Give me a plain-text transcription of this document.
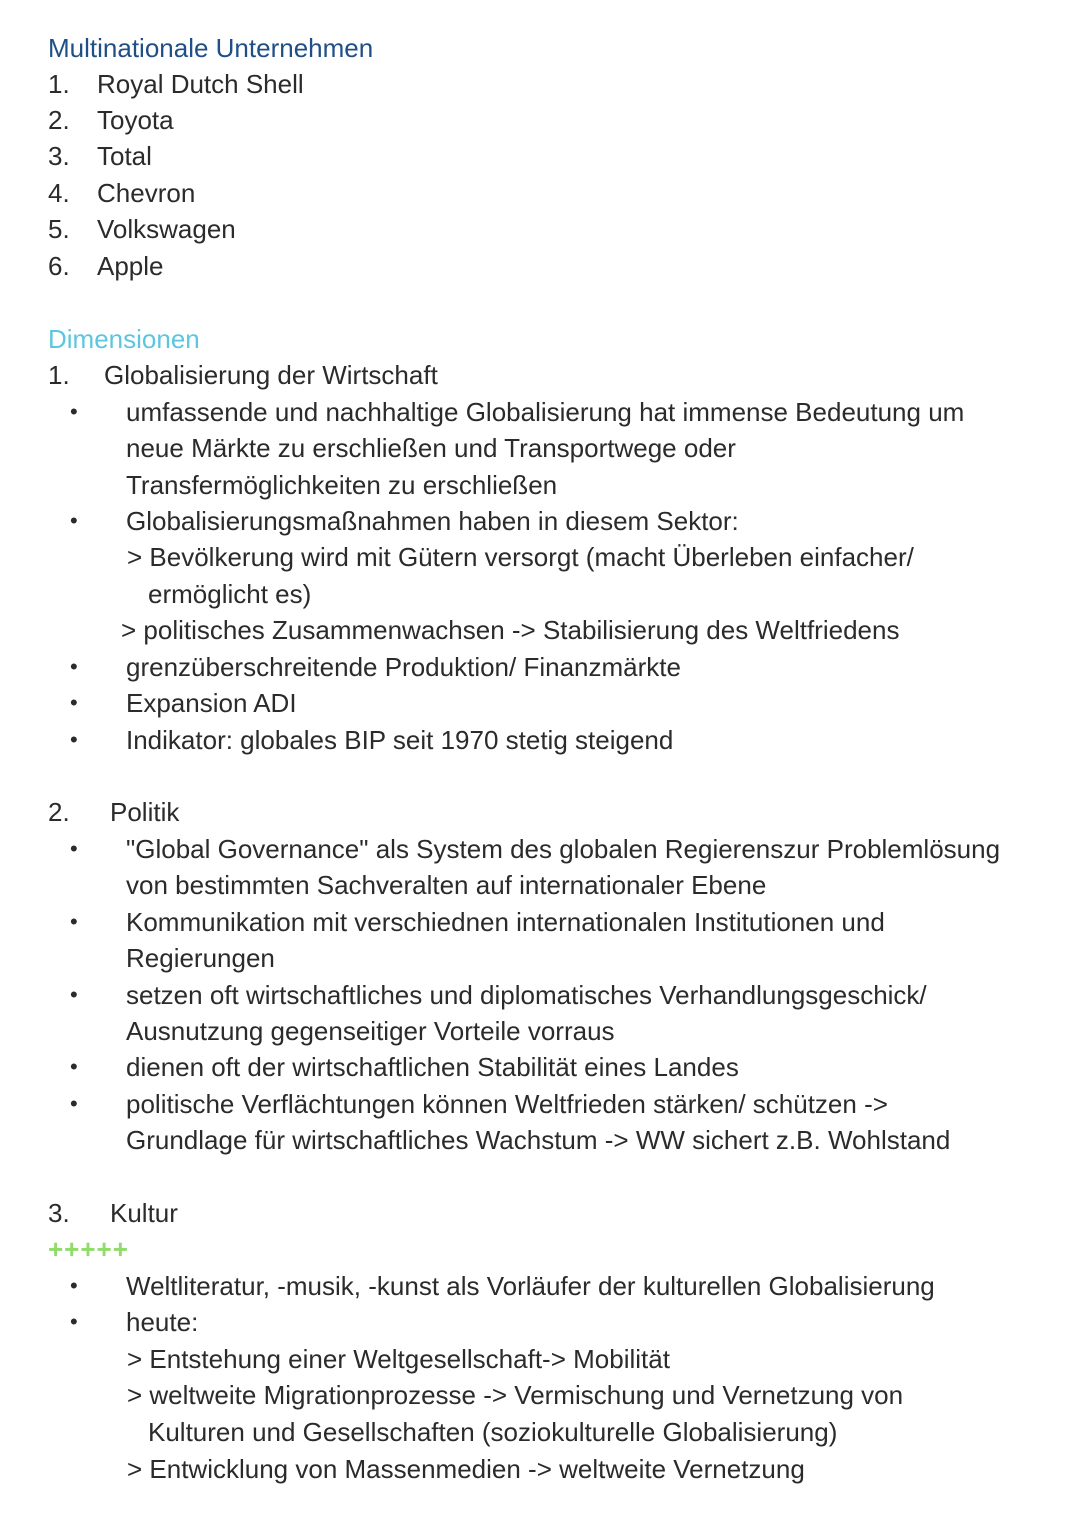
Multinationale Unternehmen
1. Royal Dutch Shell
2. Toyota
3. Total
4. Chevron
5. Volkswagen
6. Apple
Dimensionen
1. Globalisierung der Wirtschaft
• umfassende und nachhaltige Globalisierung hat immense Bedeutung um
neue Märkte zu erschließen und Transportwege oder
Transfermöglichkeiten zu erschließen
• Globalisierungsmaßnahmen haben in diesem Sektor:
> Bevölkerung wird mit Gütern versorgt (macht Überleben einfacher/
ermöglicht es)
> politisches Zusammenwachsen -> Stabilisierung des Weltfriedens
• grenzüberschreitende Produktion/ Finanzmärkte
• Expansion ADI
• Indikator: globales BIP seit 1970 stetig steigend
2. Politik
• "Global Governance" als System des globalen Regierenszur Problemlösung
von bestimmten Sachveralten auf internationaler Ebene
• Kommunikation mit verschiednen internationalen Institutionen und
Regierungen
• setzen oft wirtschaftliches und diplomatisches Verhandlungsgeschick/
Ausnutzung gegenseitiger Vorteile vorraus
• dienen oft der wirtschaftlichen Stabilität eines Landes
• politische Verflächtungen können Weltfrieden stärken/ schützen ->
Grundlage für wirtschaftliches Wachstum -> WW sichert z.B. Wohlstand
3. Kultur
+++++
• Weltliteratur, -musik, -kunst als Vorläufer der kulturellen Globalisierung
• heute:
> Entstehung einer Weltgesellschaft-> Mobilität
> weltweite Migrationprozesse -> Vermischung und Vernetzung von
Kulturen und Gesellschaften (soziokulturelle Globalisierung)
> Entwicklung von Massenmedien -> weltweite Vernetzung
